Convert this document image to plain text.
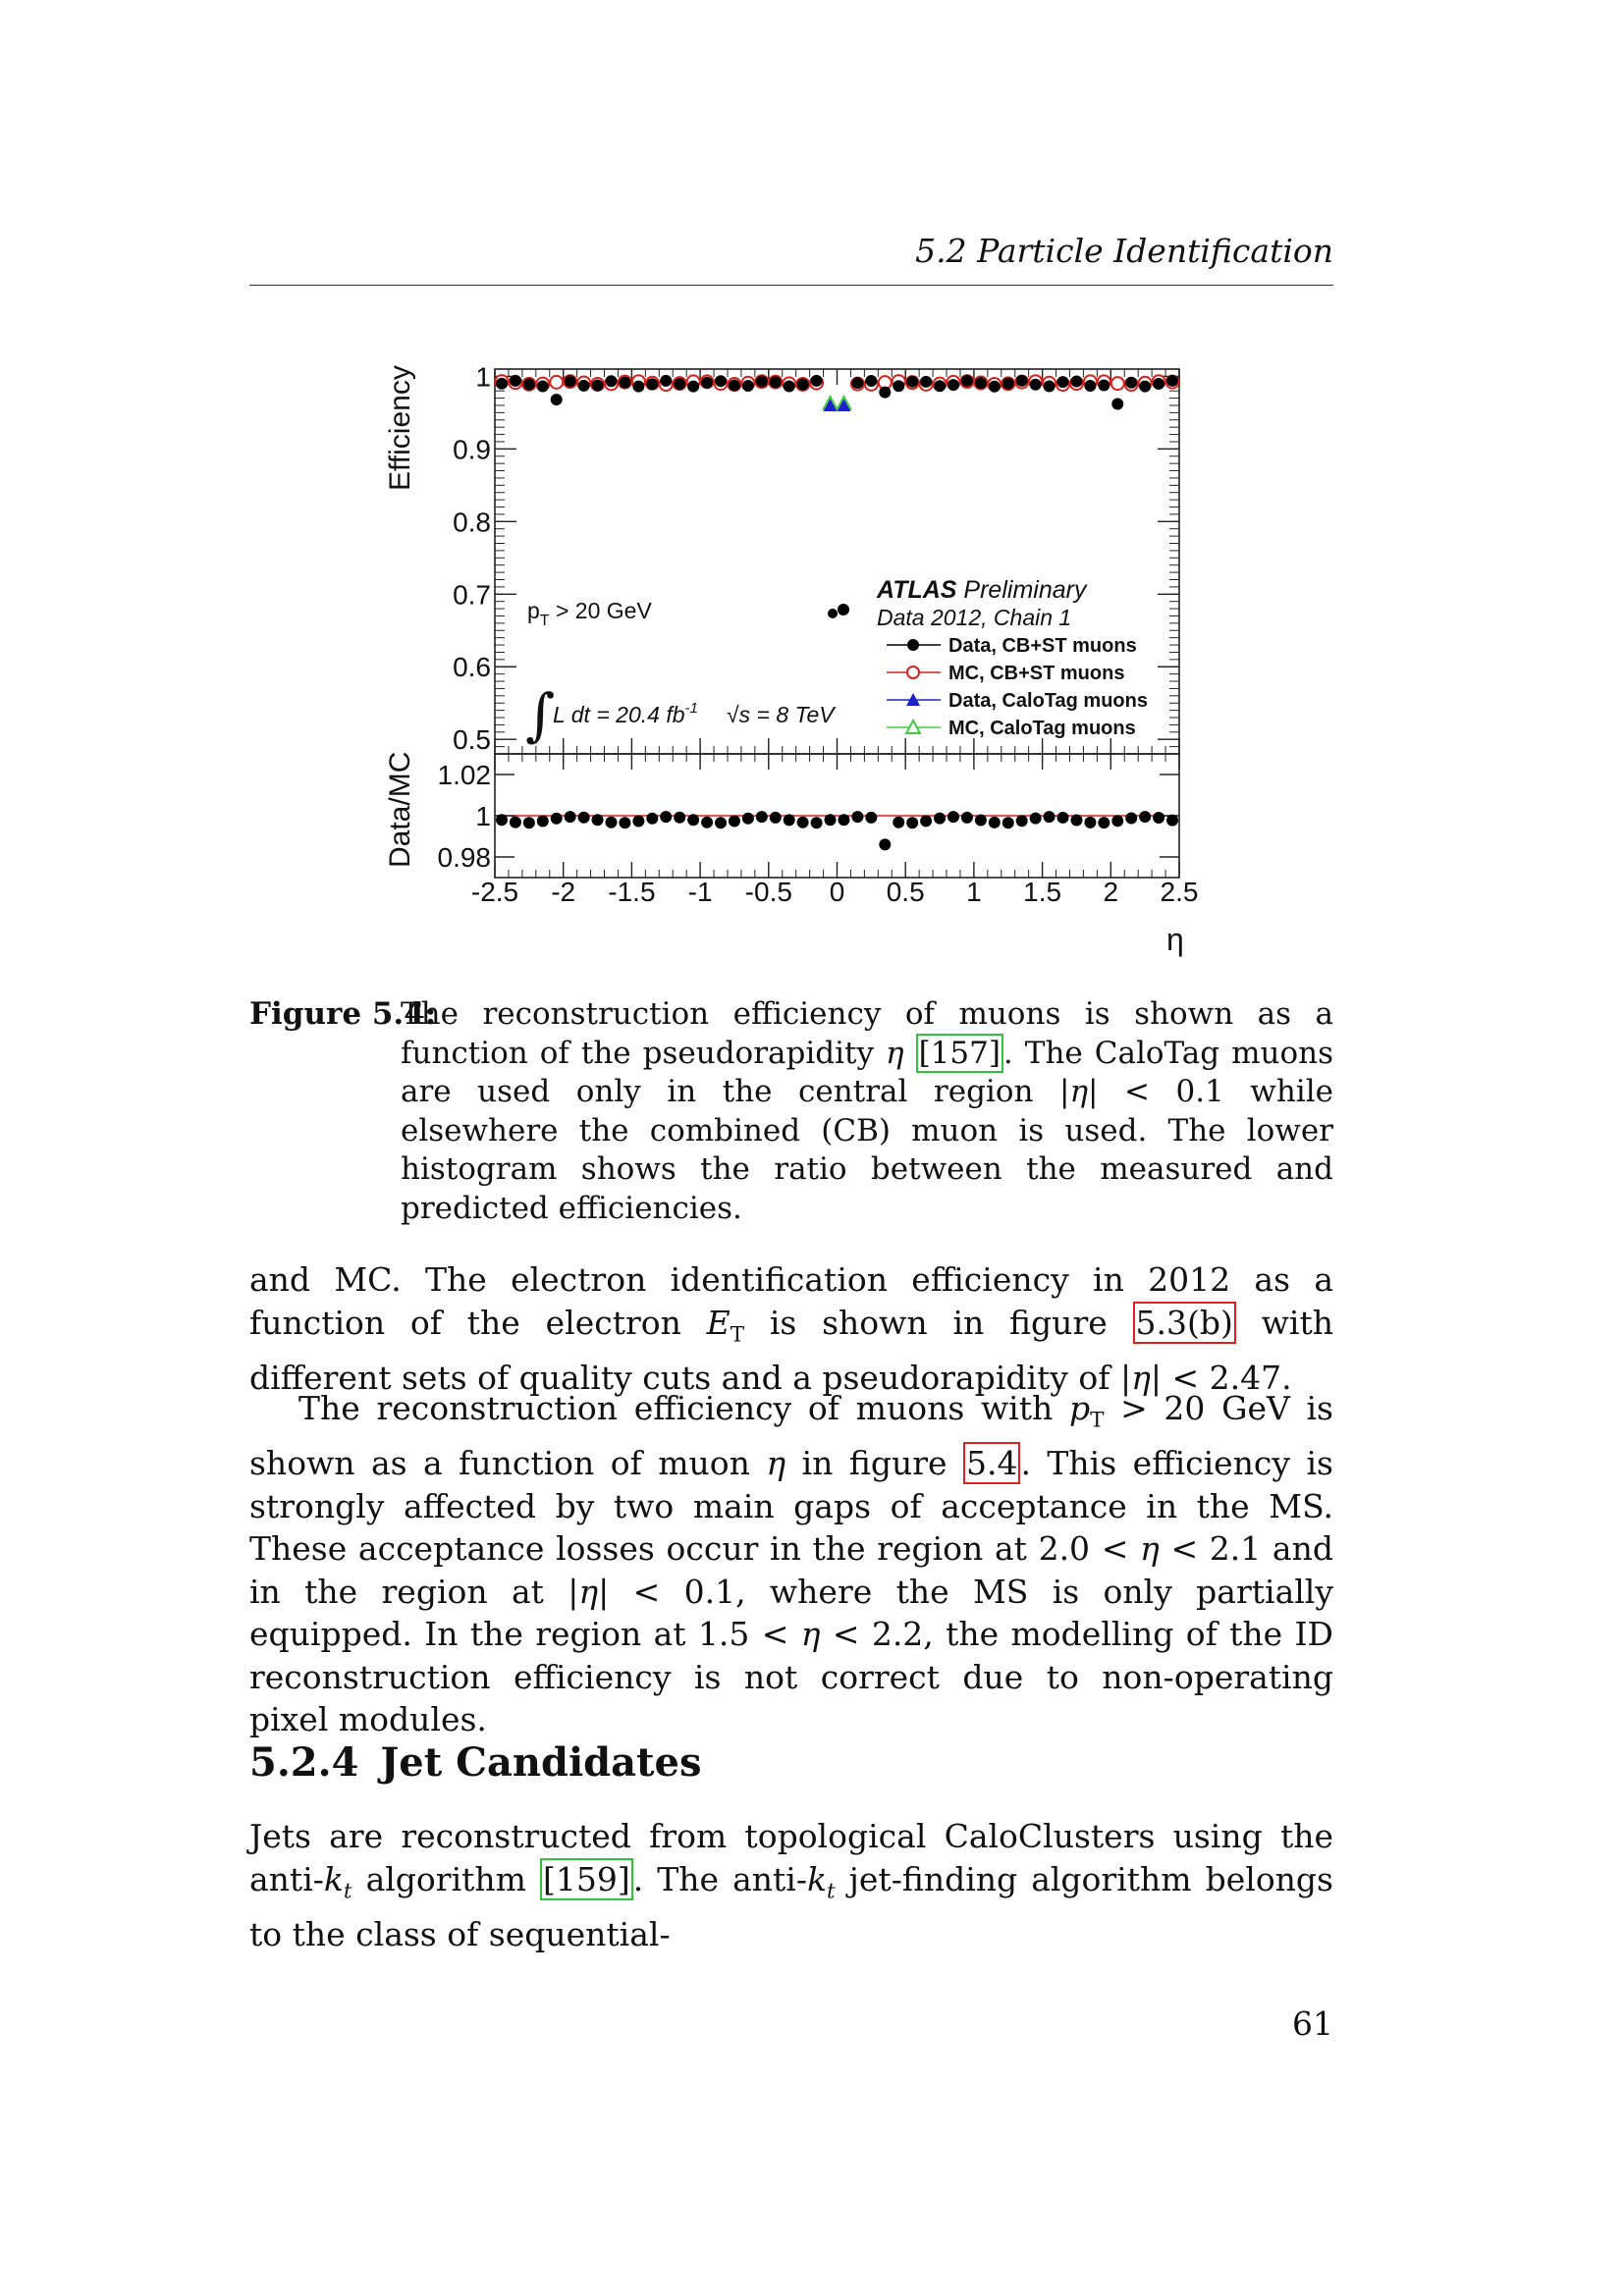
5.2 Particle Identification
-2.5 -2 -1.5 -1 -0.5 0 0.5 1 1.5 2 2.5
0.5
0.6
0.7
0.8
0.9
1
0.98
1
1.02
Efficiency
Data/MC
η
$p_T > 20$ GeV
∫
L dt = 20.4 $fb^{-1}$ √s = 8 TeV
ATLAS Preliminary
Data 2012, Chain 1
Data, CB+ST muons
MC, CB+ST muons
Data, CaloTag muons
MC, CaloTag muons
Figure 5.4:
The reconstruction efficiency of muons is shown as a function of the pseudorapidity η [157]. The CaloTag muons are used only in the central region |η| < 0.1 while elsewhere the combined (CB) muon is used. The lower histogram shows the ratio between the measured and predicted efficiencies.
and MC. The electron identification efficiency in 2012 as a function of the electron $E_T$ is shown in figure 5.3(b) with different sets of quality cuts and a pseudorapidity of |η| < 2.47.
The reconstruction efficiency of muons with $p_T > 20$ GeV is shown as a function of muon η in figure 5.4. This efficiency is strongly affected by two main gaps of acceptance in the MS. These acceptance losses occur in the region at 2.0 < η < 2.1 and in the region at |η| < 0.1, where the MS is only partially equipped. In the region at 1.5 < η < 2.2, the modelling of the ID reconstruction efficiency is not correct due to non-operating pixel modules.
5.2.4 Jet Candidates
Jets are reconstructed from topological CaloClusters using the anti-$k_t$ algorithm [159]. The anti-$k_t$ jet-finding algorithm belongs to the class of sequential-
61
